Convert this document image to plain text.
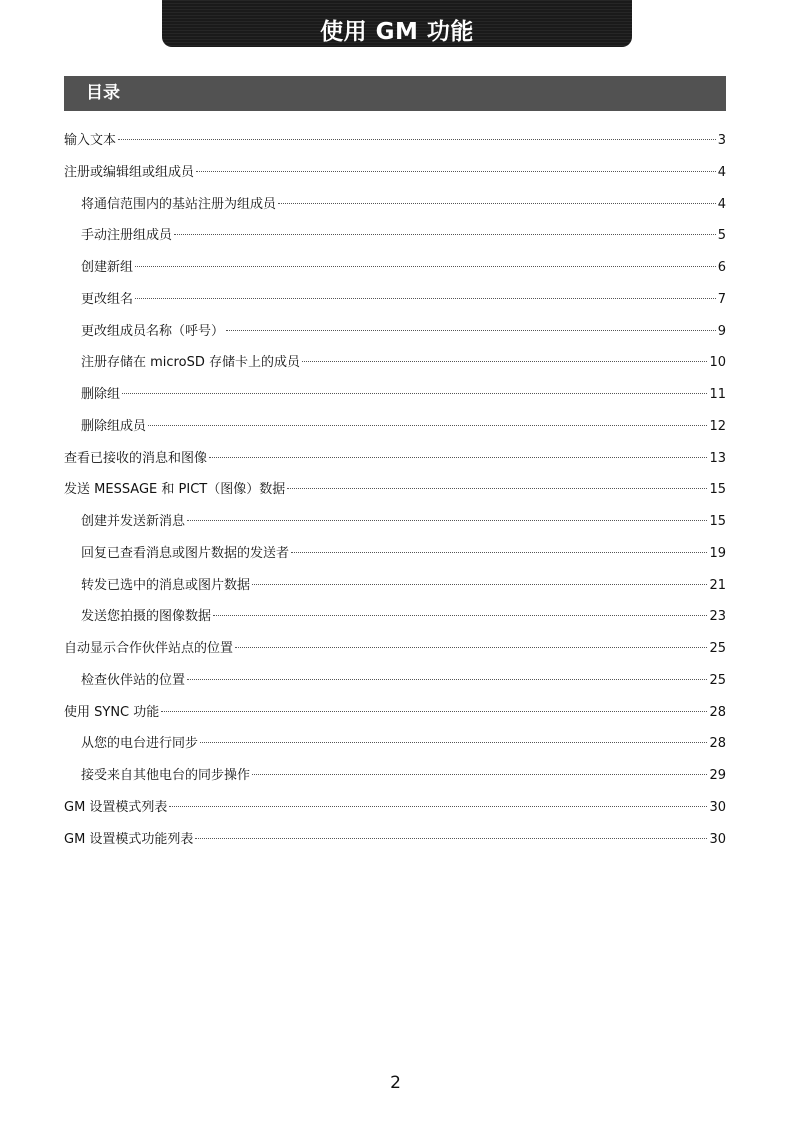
使用 GM 功能
目录
输入文本	3
注册或编辑组或组成员	4
将通信范围内的基站注册为组成员	4
手动注册组成员	5
创建新组	6
更改组名	7
更改组成员名称（呼号）	9
注册存储在 microSD 存储卡上的成员	10
删除组	11
删除组成员	12
查看已接收的消息和图像	13
发送 MESSAGE 和 PICT（图像）数据	15
创建并发送新消息	15
回复已查看消息或图片数据的发送者	19
转发已选中的消息或图片数据	21
发送您拍摄的图像数据	23
自动显示合作伙伴站点的位置	25
检查伙伴站的位置	25
使用 SYNC 功能	28
从您的电台进行同步	28
接受来自其他电台的同步操作	29
GM 设置模式列表	30
GM 设置模式功能列表	30
2
